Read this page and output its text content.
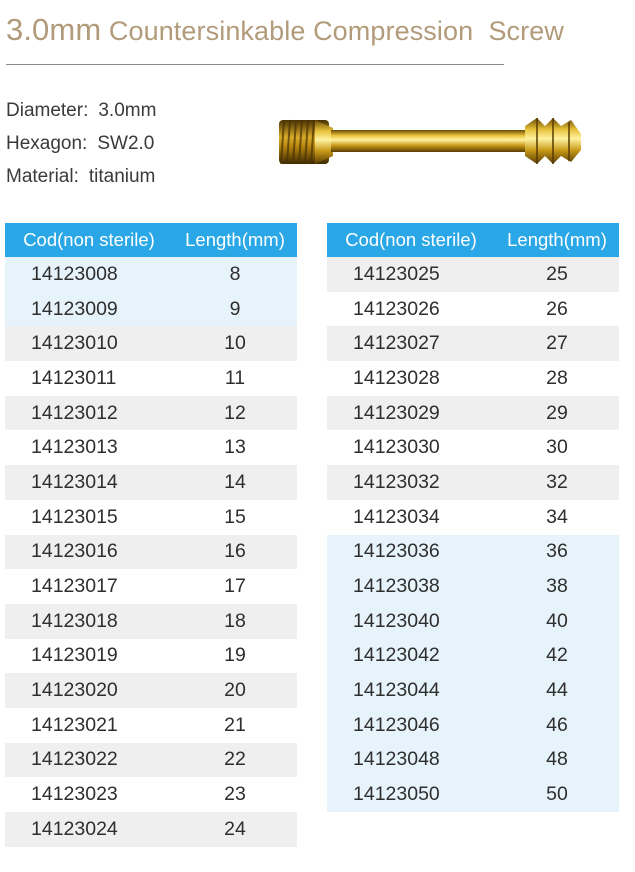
3.0mm Countersinkable Compression  Screw
Diameter: 3.0mm
Hexagon: SW2.0
Material: titanium
Cod(non sterile)	Length(mm)
14123008	8
14123009	9
14123010	10
14123011	11
14123012	12
14123013	13
14123014	14
14123015	15
14123016	16
14123017	17
14123018	18
14123019	19
14123020	20
14123021	21
14123022	22
14123023	23
14123024	24
Cod(non sterile)	Length(mm)
14123025	25
14123026	26
14123027	27
14123028	28
14123029	29
14123030	30
14123032	32
14123034	34
14123036	36
14123038	38
14123040	40
14123042	42
14123044	44
14123046	46
14123048	48
14123050	50
